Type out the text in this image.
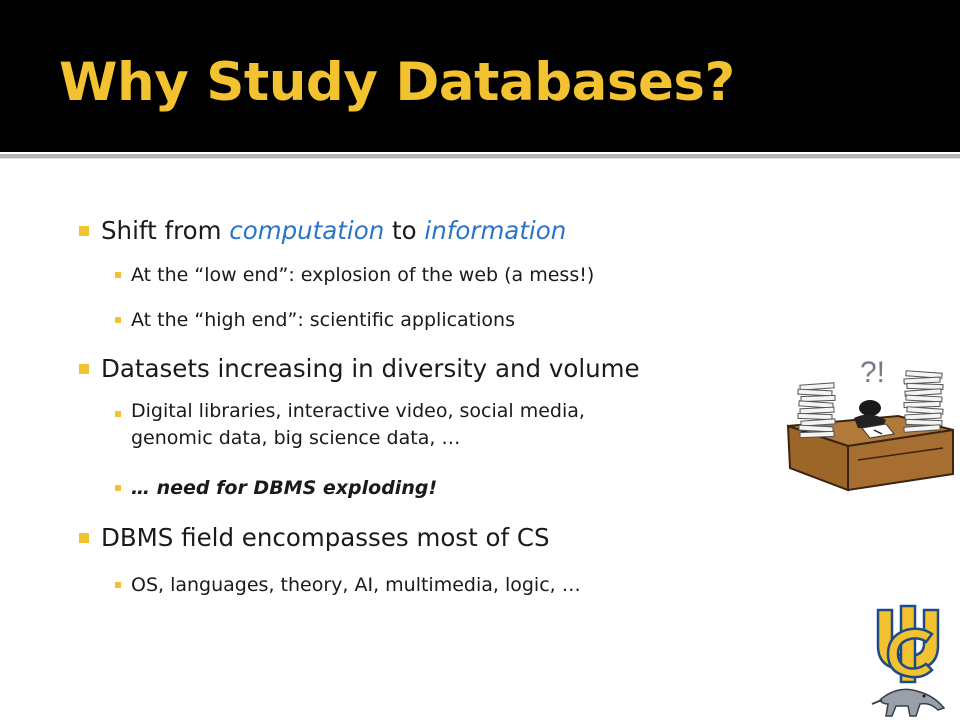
Why Study Databases?
Shift from computation to information
At the “low end”: explosion of the web (a mess!)
At the “high end”: scientific applications
Datasets increasing in diversity and volume
Digital libraries, interactive video, social media, genomic data, big science data, …
… need for DBMS exploding!
DBMS field encompasses most of CS
OS, languages, theory, AI, multimedia, logic, …

?!
